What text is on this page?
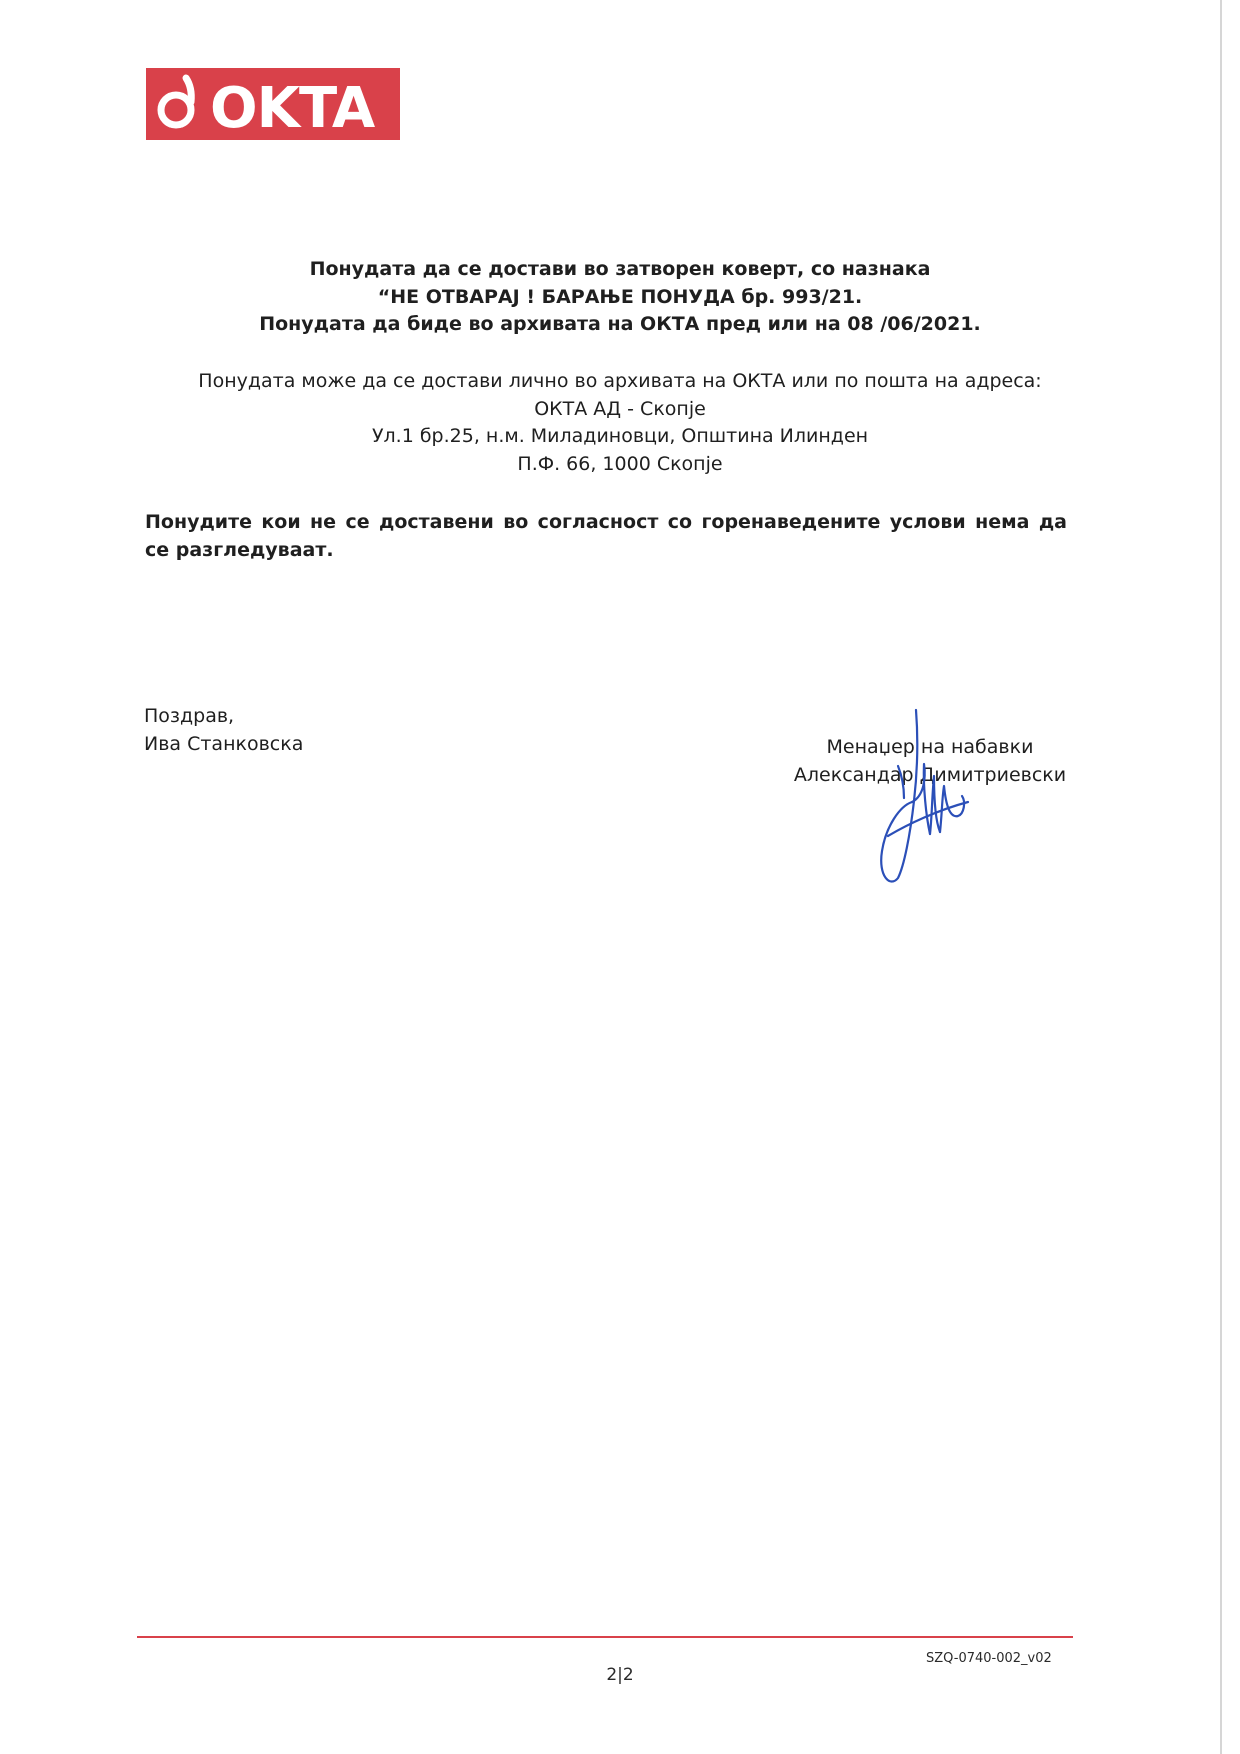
OKTA
Понудата да се достави во затворен коверт, со назнака
“НЕ ОТВАРАЈ ! БАРАЊЕ ПОНУДА бр. 993/21.
Понудата да биде во архивата на ОКТА пред или на 08 /06/2021.
Понудата може да се достави лично во архивата на ОКТА или по пошта на адреса:
ОКТА АД - Скопје
Ул.1 бр.25, н.м. Миладиновци, Општина Илинден
П.Ф. 66, 1000 Скопје
Понудите кои не се доставени во согласност со горенаведените услови нема да се разгледуваат.
Поздрав,
Ива Станковска	Менаџер на набавки
Александар Димитриевски
SZQ-0740-002_v02
2|2
